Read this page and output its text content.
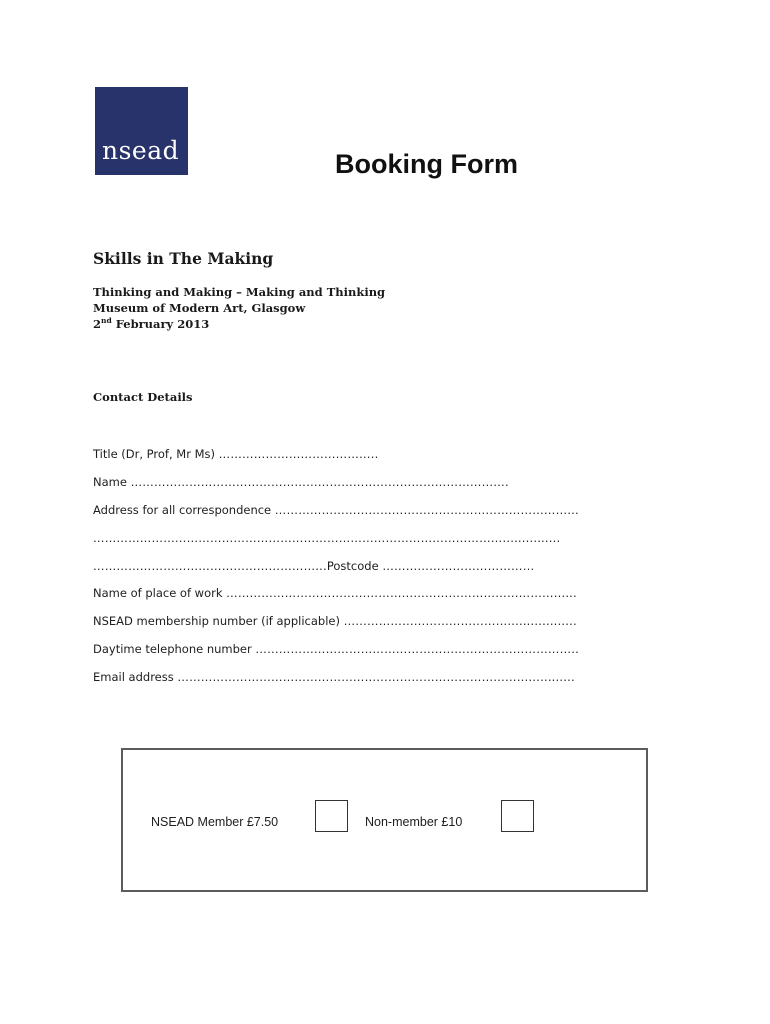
nsead	Booking Form
Skills in The Making
Thinking and Making – Making and Thinking
Museum of Modern Art, Glasgow
2nd February 2013
Contact Details
Title (Dr, Prof, Mr Ms) …………………………………..
Name …………………………………………………………………………………….
Address for all correspondence ……………………………………………………………………
……………………………………………………………………………………………...............
…………………………………………………...Postcode …………………………………
Name of place of work …………………………………………………………………………......
NSEAD membership number (if applicable) ……………………………………..................
Daytime telephone number ………………………………………………………………………..
Email address ………………………………………………………………………………….........
NSEAD Member £7.50	Non-member £10
